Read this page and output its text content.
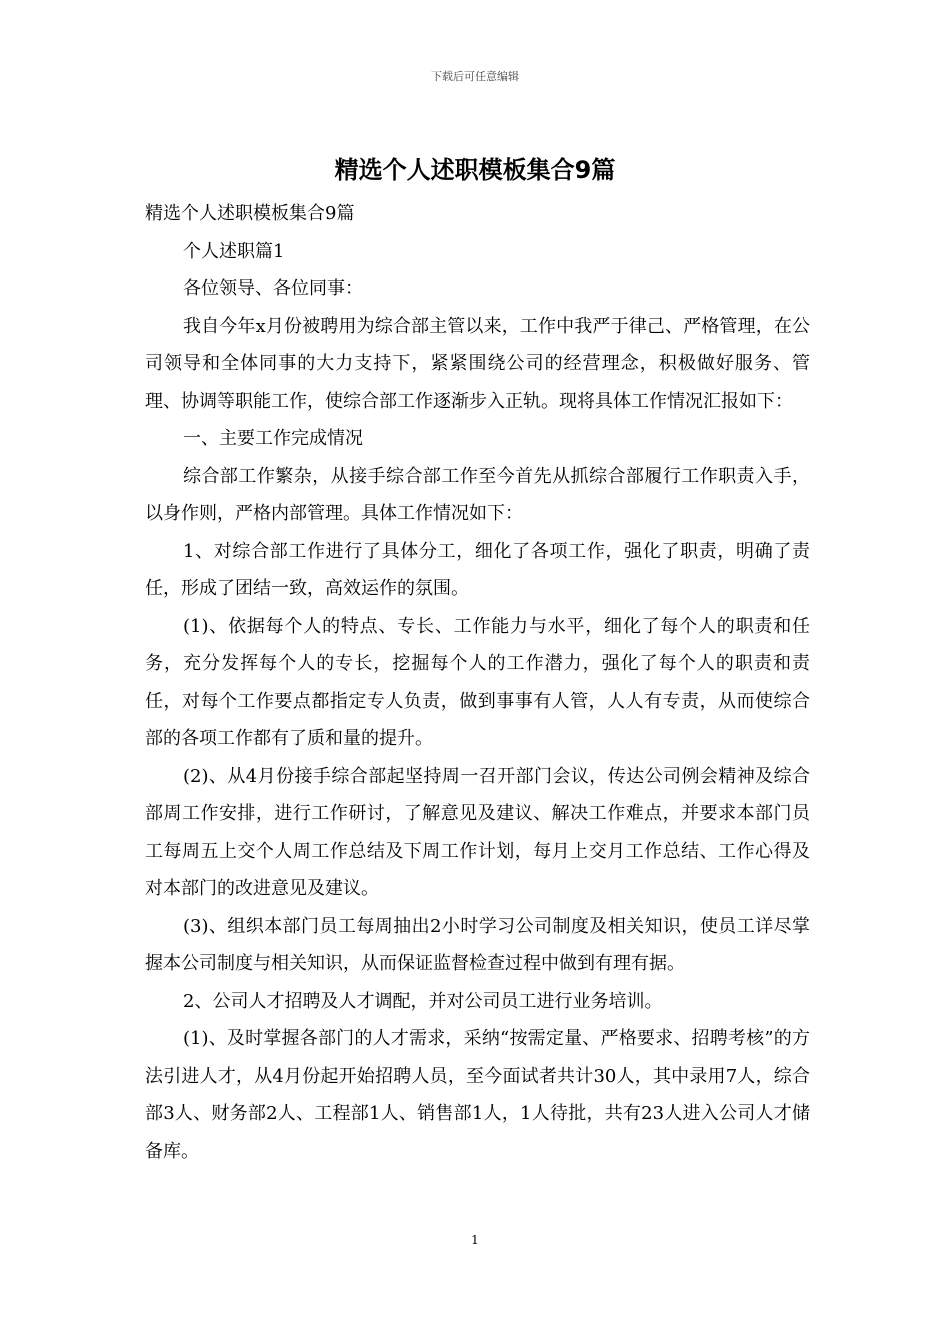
下载后可任意编辑
精选个人述职模板集合9篇

精选个人述职模板集合9篇

个人述职篇1

各位领导、各位同事：

我自今年x月份被聘用为综合部主管以来，工作中我严于律己、严格管理，在公司领导和全体同事的大力支持下，紧紧围绕公司的经营理念，积极做好服务、管理、协调等职能工作，使综合部工作逐渐步入正轨。现将具体工作情况汇报如下：

一、主要工作完成情况

综合部工作繁杂，从接手综合部工作至今首先从抓综合部履行工作职责入手，以身作则，严格内部管理。具体工作情况如下：

1、对综合部工作进行了具体分工，细化了各项工作，强化了职责，明确了责任，形成了团结一致，高效运作的氛围。

(1)、依据每个人的特点、专长、工作能力与水平，细化了每个人的职责和任务，充分发挥每个人的专长，挖掘每个人的工作潜力，强化了每个人的职责和责任，对每个工作要点都指定专人负责，做到事事有人管，人人有专责，从而使综合部的各项工作都有了质和量的提升。

(2)、从4月份接手综合部起坚持周一召开部门会议，传达公司例会精神及综合部周工作安排，进行工作研讨，了解意见及建议、解决工作难点，并要求本部门员工每周五上交个人周工作总结及下周工作计划，每月上交月工作总结、工作心得及对本部门的改进意见及建议。

(3)、组织本部门员工每周抽出2小时学习公司制度及相关知识，使员工详尽掌握本公司制度与相关知识，从而保证监督检查过程中做到有理有据。

2、公司人才招聘及人才调配，并对公司员工进行业务培训。

(1)、及时掌握各部门的人才需求，采纳“按需定量、严格要求、招聘考核”的方法引进人才，从4月份起开始招聘人员，至今面试者共计30人，其中录用7人，综合部3人、财务部2人、工程部1人、销售部1人，1人待批，共有23人进入公司人才储备库。

1
